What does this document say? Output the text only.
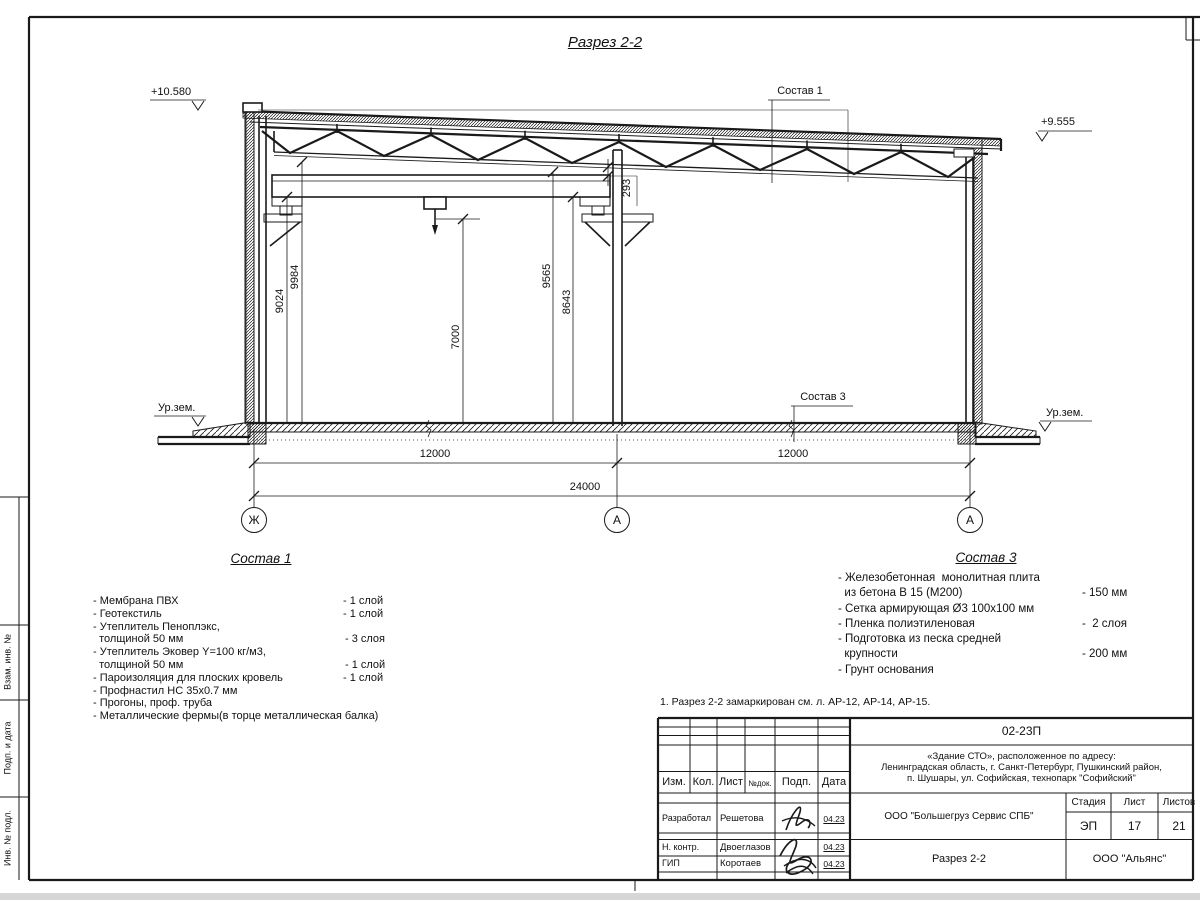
Разрез 2-2
+10.580
+9.555
Ур.зем.	Ур.зем.
Состав 1
Состав 3
9024
9984
7000
9565
8643
293
12000	12000
24000
Ж	А	А
Состав 1
- Мембрана ПВХ	- 1 слой
- Геотекстиль	- 1 слой
- Утеплитель Пеноплэкс,
толщиной 50 мм	- 3 слоя
- Утеплитель Эковер Y=100 кг/м3,
толщиной 50 мм	- 1 слой
- Пароизоляция для плоских кровель	- 1 слой
- Профнастил НС 35х0.7 мм
- Прогоны, проф. труба
- Металлические фермы(в торце металлическая балка)
Состав 3
- Железобетонная  монолитная плита
из бетона В 15 (М200)	- 150 мм
- Сетка армирующая Ø3 100х100 мм
- Пленка полиэтиленовая	-  2 слоя
- Подготовка из песка средней
крупности	- 200 мм
- Грунт основания
1. Разрез 2-2 замаркирован см. л. АР-12, АР-14, АР-15.
Взам. инв. №
Подп. и дата
Инв. № подл.
02-23П
«Здание СТО», расположенное по адресу:
Ленинградская область, г. Санкт-Петербург, Пушкинский район,
п. Шушары, ул. Софийская, технопарк "Софийский"
Изм. Кол. Лист №док. Подп. Дата
Разработал Решетова	04.23
Н. контр. Двоеглазов	04.23
ГИП	Коротаев	04.23
ООО "Большегруз Сервис СПБ"
Стадия	Лист	Листов
ЭП	17	21
Разрез 2-2	ООО "Альянс"
